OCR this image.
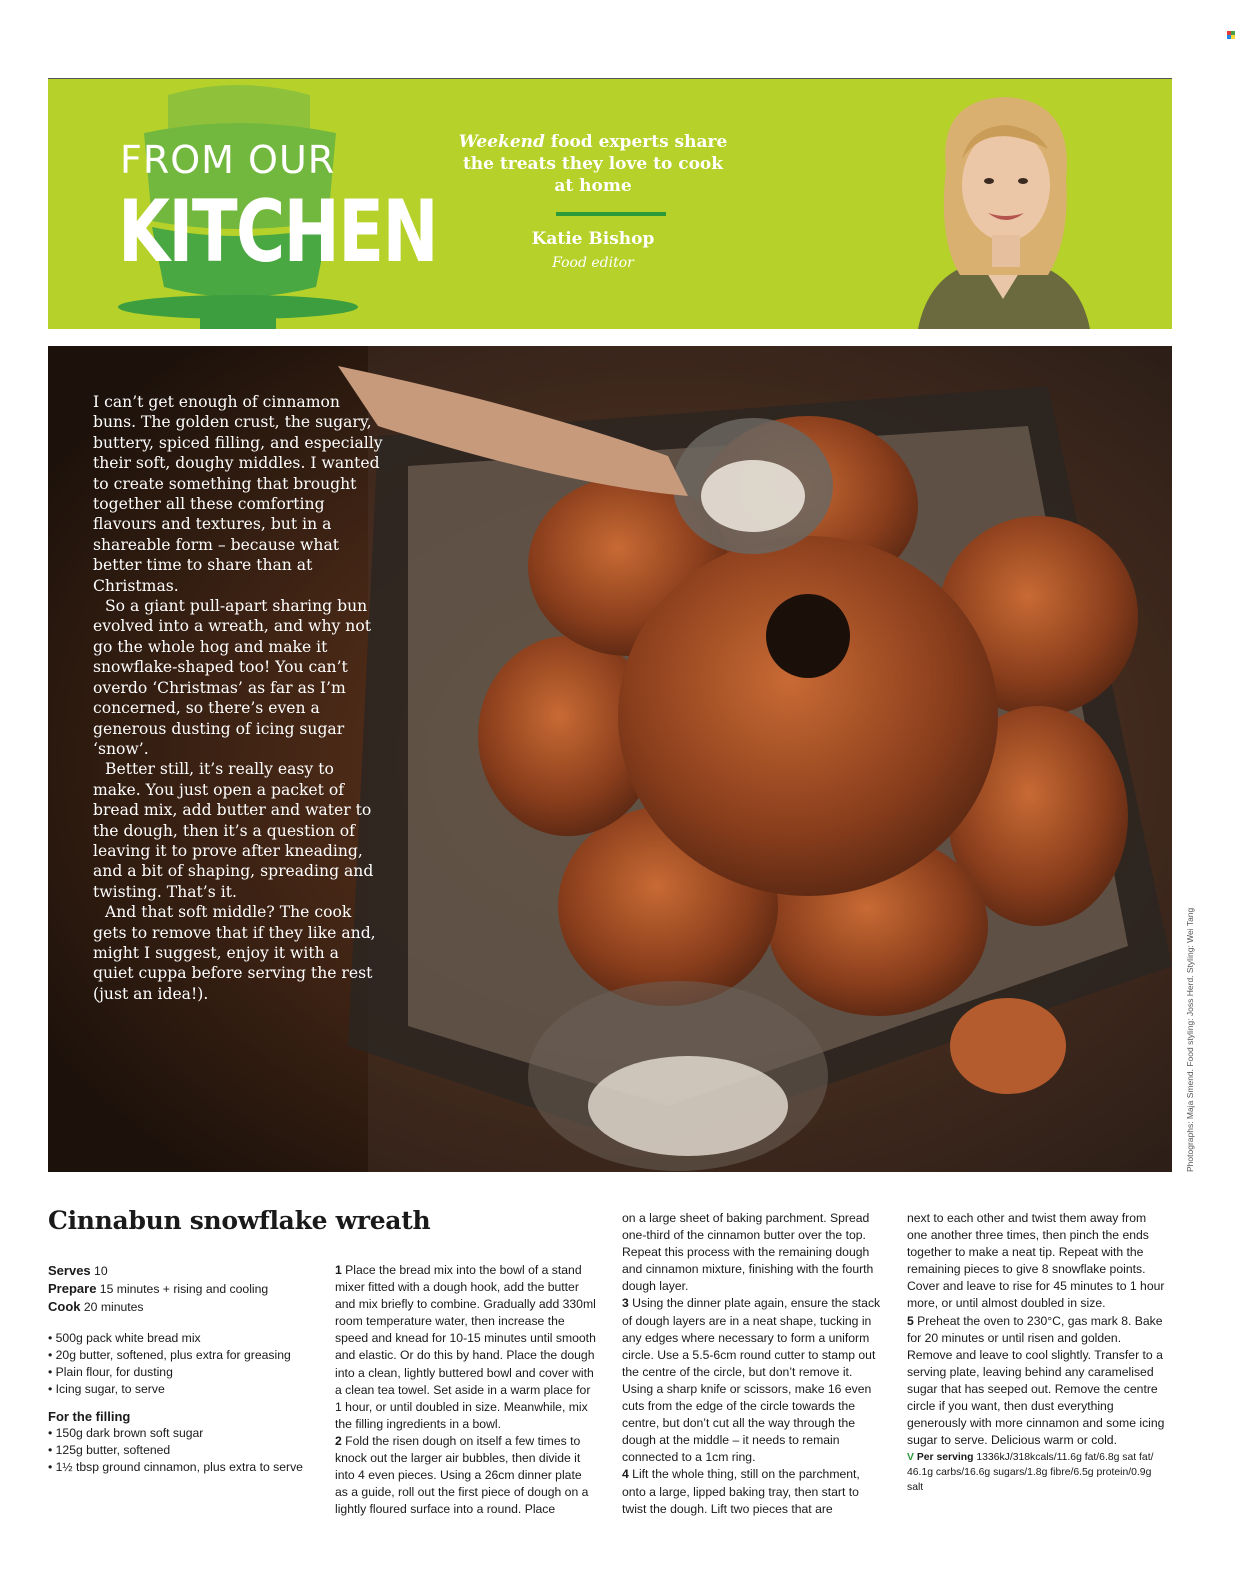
FROM OUR
KITCHEN
Weekend food experts share the treats they love to cook at home
Katie Bishop
Food editor

I can’t get enough of cinnamon buns. The golden crust, the sugary, buttery, spiced filling, and especially their soft, doughy middles. I wanted to create something that brought together all these comforting flavours and textures, but in a shareable form – because what better time to share than at Christmas.

So a giant pull-apart sharing bun evolved into a wreath, and why not go the whole hog and make it snowflake-shaped too! You can’t overdo ‘Christmas’ as far as I’m concerned, so there’s even a generous dusting of icing sugar ‘snow’.

Better still, it’s really easy to make. You just open a packet of bread mix, add butter and water to the dough, then it’s a question of leaving it to prove after kneading, and a bit of shaping, spreading and twisting. That’s it.

And that soft middle? The cook gets to remove that if they like and, might I suggest, enjoy it with a quiet cuppa before serving the rest (just an idea!).	Photographs: Maja Smend. Food styling: Joss Herd. Styling: Wei Tang
Cinnabun snowflake wreath
Serves 10
Prepare 15 minutes + rising and cooling
Cook 20 minutes
• 500g pack white bread mix
• 20g butter, softened, plus extra for greasing
• Plain flour, for dusting
• Icing sugar, to serve
For the filling
• 150g dark brown soft sugar
• 125g butter, softened
• 1½ tbsp ground cinnamon, plus extra to serve

1 Place the bread mix into the bowl of a stand mixer fitted with a dough hook, add the butter and mix briefly to combine. Gradually add 330ml room temperature water, then increase the speed and knead for 10-15 minutes until smooth and elastic. Or do this by hand. Place the dough into a clean, lightly buttered bowl and cover with a clean tea towel. Set aside in a warm place for 1 hour, or until doubled in size. Meanwhile, mix the filling ingredients in a bowl.

2 Fold the risen dough on itself a few times to knock out the larger air bubbles, then divide it into 4 even pieces. Using a 26cm dinner plate as a guide, roll out the first piece of dough on a lightly floured surface into a round. Place

on a large sheet of baking parchment. Spread one-third of the cinnamon butter over the top. Repeat this process with the remaining dough and cinnamon mixture, finishing with the fourth dough layer.

3 Using the dinner plate again, ensure the stack of dough layers are in a neat shape, tucking in any edges where necessary to form a uniform circle. Use a 5.5-6cm round cutter to stamp out the centre of the circle, but don’t remove it. Using a sharp knife or scissors, make 16 even cuts from the edge of the circle towards the centre, but don’t cut all the way through the dough at the middle – it needs to remain connected to a 1cm ring.

4 Lift the whole thing, still on the parchment, onto a large, lipped baking tray, then start to twist the dough. Lift two pieces that are

next to each other and twist them away from one another three times, then pinch the ends together to make a neat tip. Repeat with the remaining pieces to give 8 snowflake points. Cover and leave to rise for 45 minutes to 1 hour more, or until almost doubled in size.

5 Preheat the oven to 230°C, gas mark 8. Bake for 20 minutes or until risen and golden. Remove and leave to cool slightly. Transfer to a serving plate, leaving behind any caramelised sugar that has seeped out. Remove the centre circle if you want, then dust everything generously with more cinnamon and some icing sugar to serve. Delicious warm or cold.

V Per serving 1336kJ/318kcals/11.6g fat/6.8g sat fat/ 46.1g carbs/16.6g sugars/1.8g fibre/6.5g protein/0.9g salt
